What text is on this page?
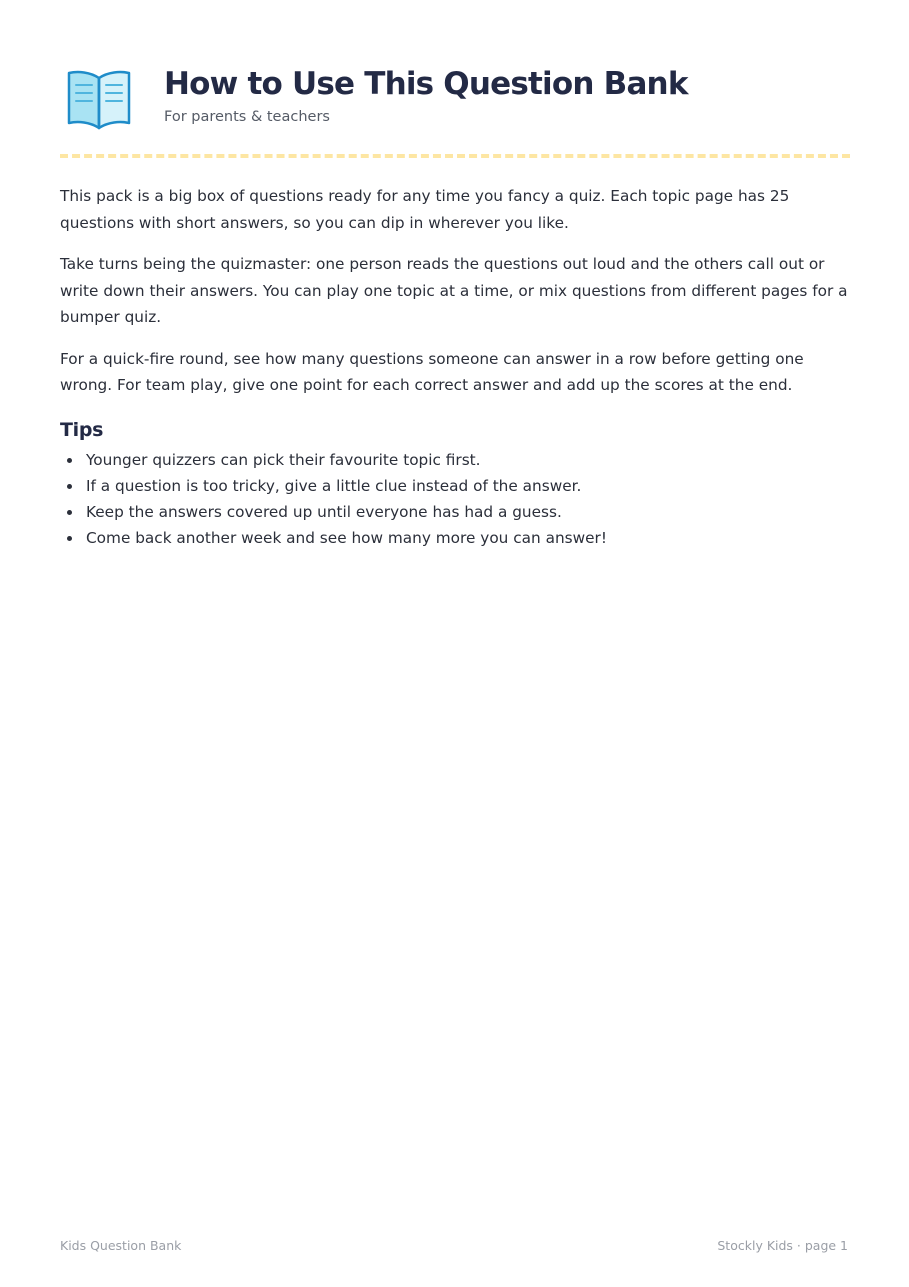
How to Use This Question Bank
For parents & teachers

This pack is a big box of questions ready for any time you fancy a quiz. Each topic page has 25 questions with short answers, so you can dip in wherever you like.

Take turns being the quizmaster: one person reads the questions out loud and the others call out or write down their answers. You can play one topic at a time, or mix questions from different pages for a bumper quiz.

For a quick-fire round, see how many questions someone can answer in a row before getting one wrong. For team play, give one point for each correct answer and add up the scores at the end.

Tips
Younger quizzers can pick their favourite topic first.
If a question is too tricky, give a little clue instead of the answer.
Keep the answers covered up until everyone has had a guess.
Come back another week and see how many more you can answer!
Kids Question Bank	Stockly Kids · page 1
